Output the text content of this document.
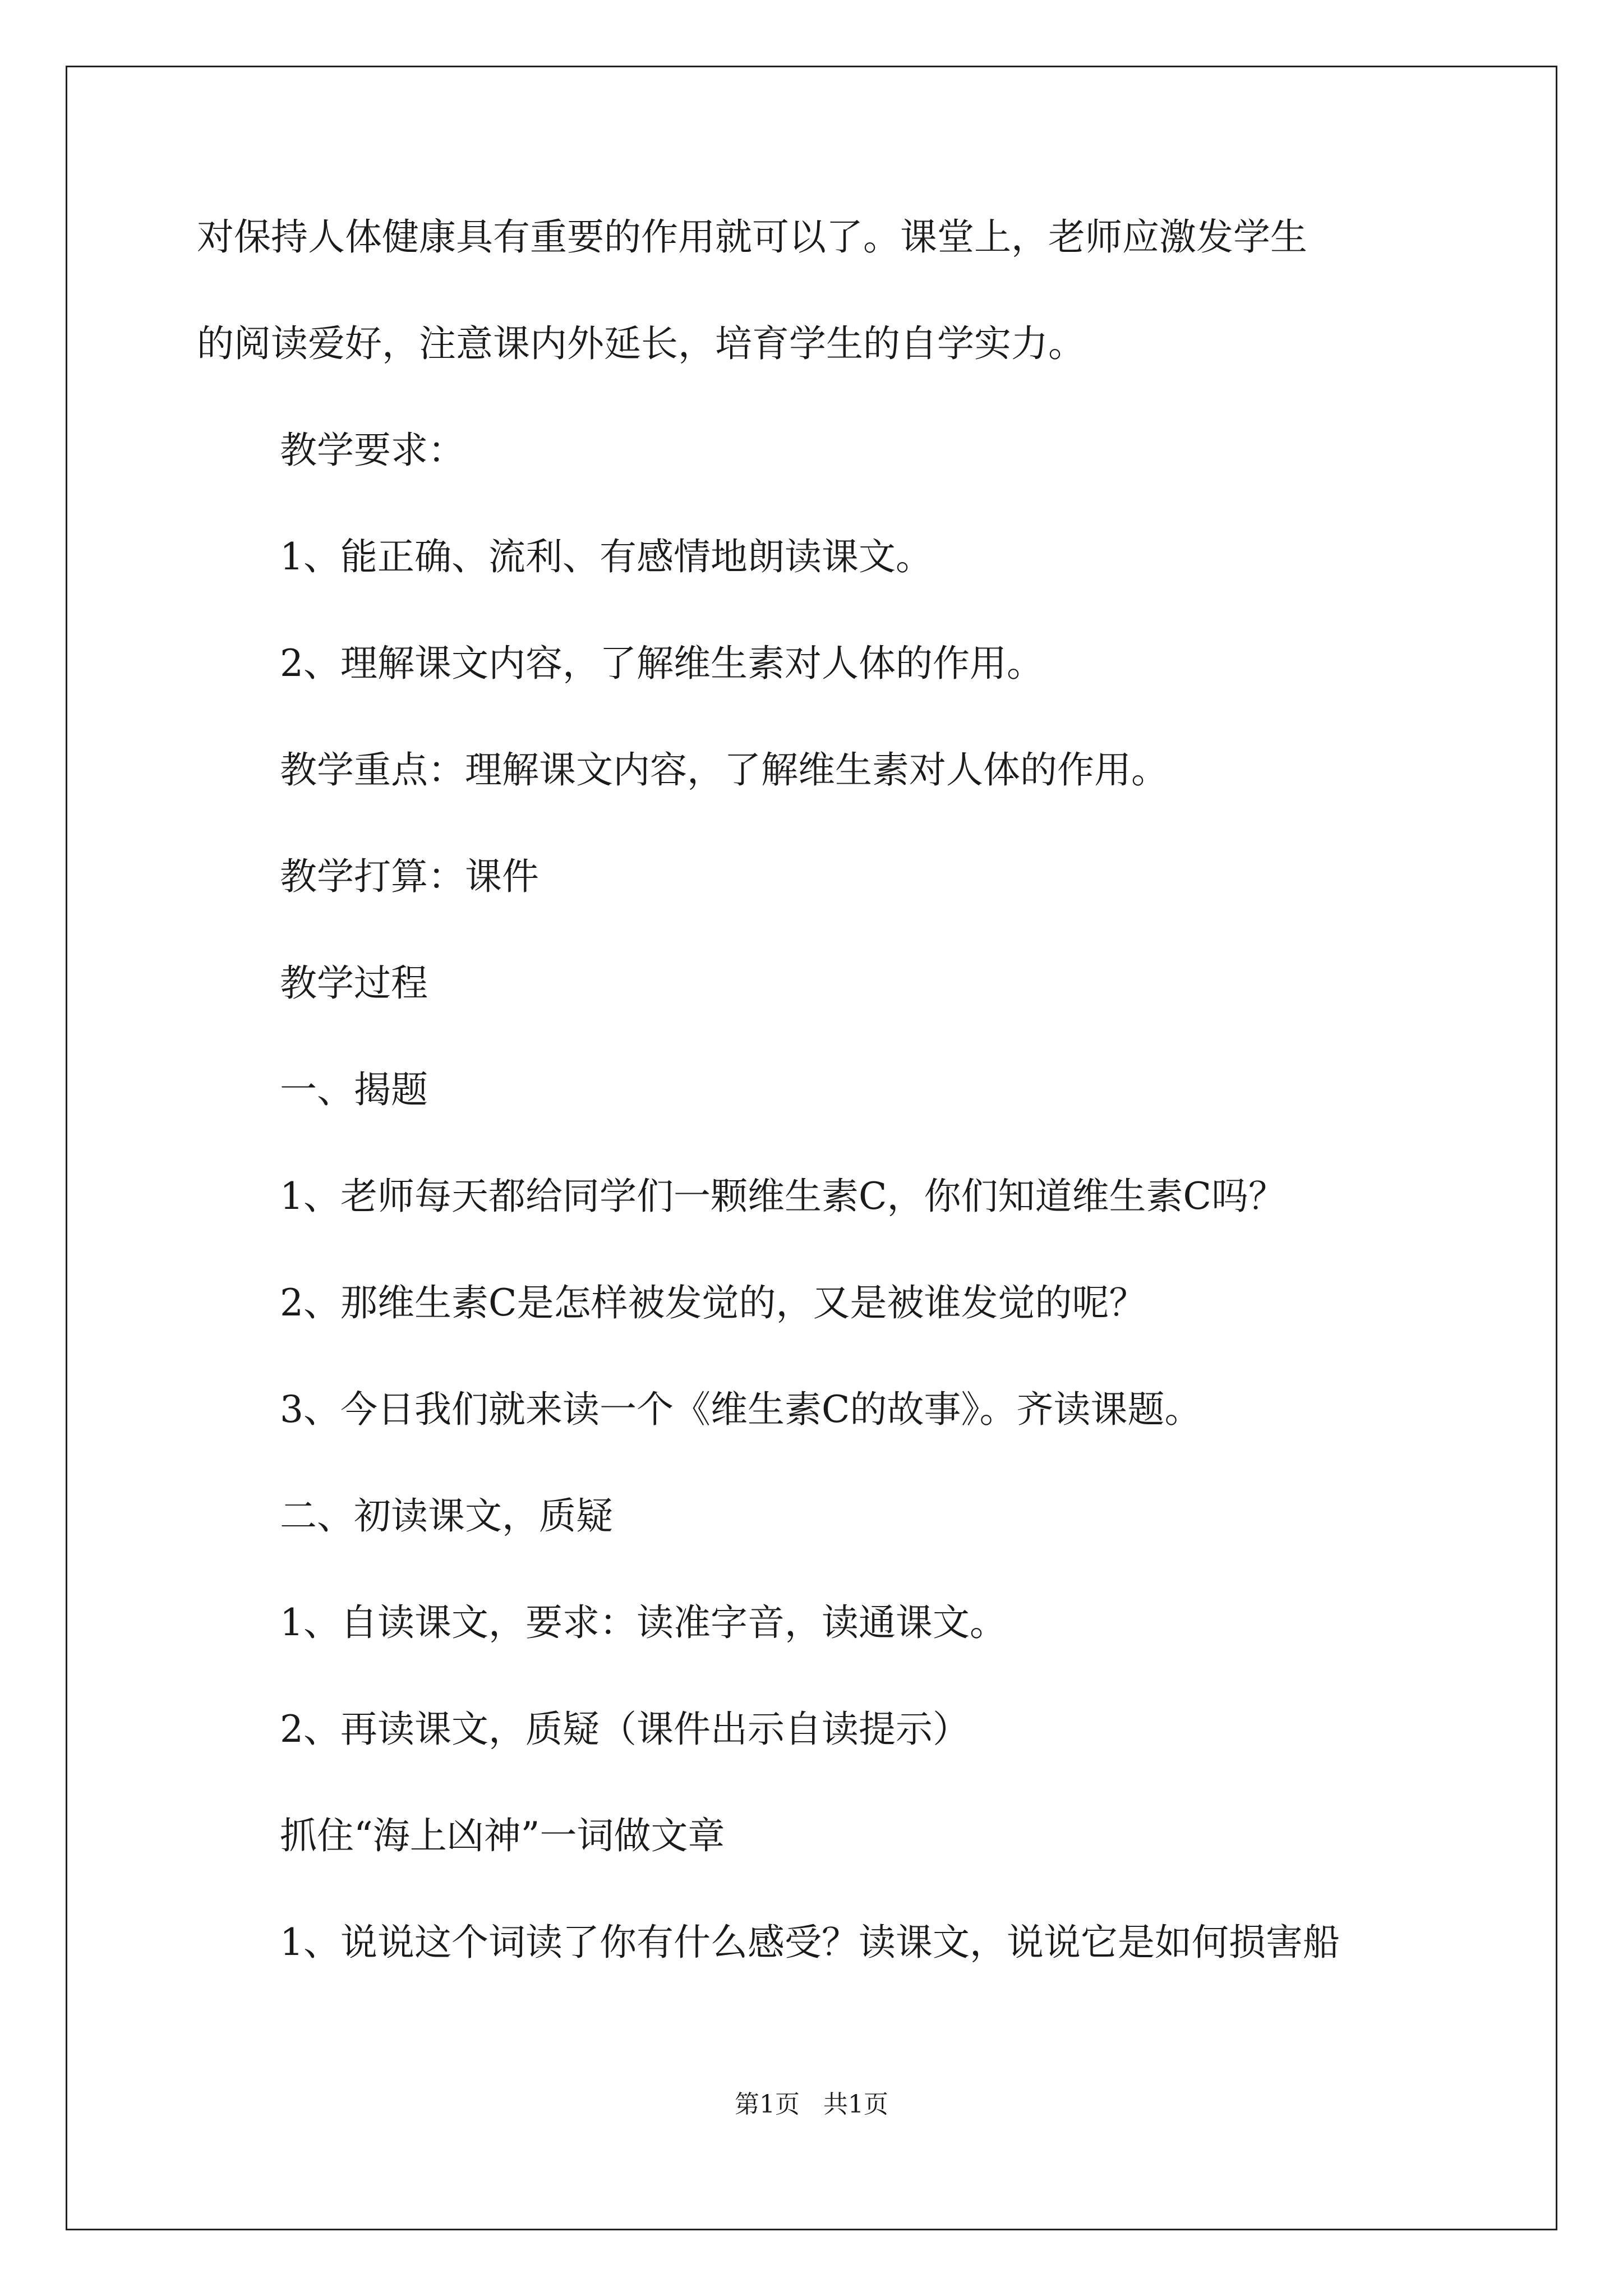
对保持人体健康具有重要的作用就可以了。课堂上，老师应激发学生

的阅读爱好，注意课内外延长，培育学生的自学实力。

教学要求：

1、能正确、流利、有感情地朗读课文。

2、理解课文内容，了解维生素对人体的作用。

教学重点：理解课文内容，了解维生素对人体的作用。

教学打算：课件

教学过程

一、揭题

1、老师每天都给同学们一颗维生素C，你们知道维生素C吗？

2、那维生素C是怎样被发觉的，又是被谁发觉的呢？

3、今日我们就来读一个《维生素C的故事》。齐读课题。

二、初读课文，质疑

1、自读课文，要求：读准字音，读通课文。

2、再读课文，质疑（课件出示自读提示）

抓住“海上凶神”一词做文章

1、说说这个词读了你有什么感受？读课文，说说它是如何损害船

第1页   共1页
